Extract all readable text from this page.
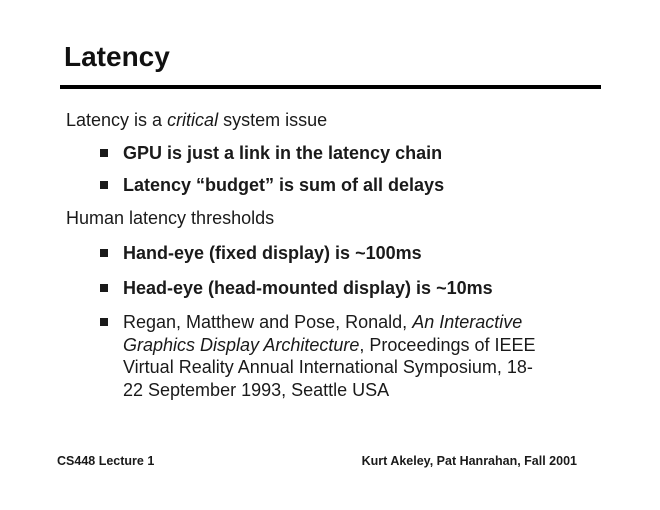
Latency
Latency is a critical system issue
GPU is just a link in the latency chain
Latency “budget” is sum of all delays
Human latency thresholds
Hand-eye (fixed display) is ~100ms
Head-eye (head-mounted display) is ~10ms
Regan, Matthew and Pose, Ronald, An Interactive
Graphics Display Architecture, Proceedings of IEEE
Virtual Reality Annual International Symposium, 18-
22 September 1993, Seattle USA
CS448 Lecture 1	Kurt Akeley, Pat Hanrahan, Fall 2001
